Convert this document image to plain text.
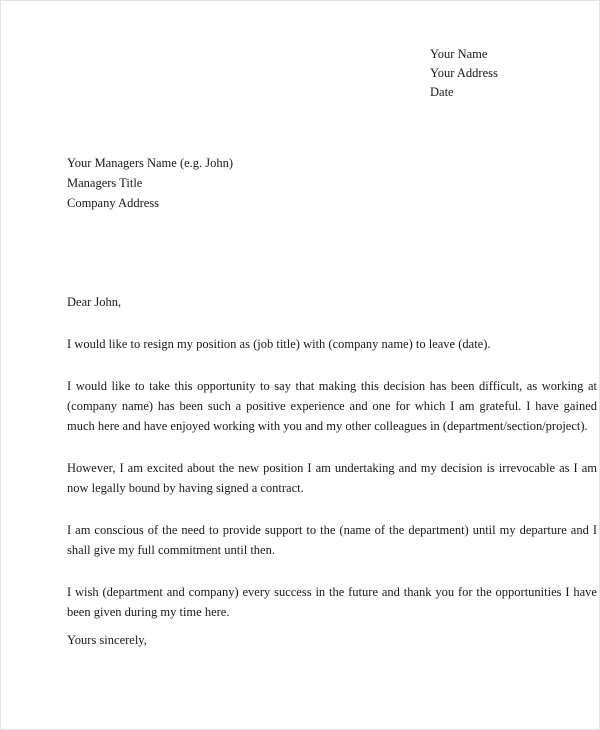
Your Name
Your Address
Date
Your Managers Name (e.g. John)
Managers Title
Company Address

Dear John,

I would like to resign my position as (job title) with (company name) to leave (date).

I would like to take this opportunity to say that making this decision has been difficult, as working at (company name) has been such a positive experience and one for which I am grateful. I have gained much here and have enjoyed working with you and my other colleagues in (department/section/project).

However, I am excited about the new position I am undertaking and my decision is irrevocable as I am now legally bound by having signed a contract.

I am conscious of the need to provide support to the (name of the department) until my departure and I shall give my full commitment until then.

I wish (department and company) every success in the future and thank you for the opportunities I have been given during my time here.

Yours sincerely,
